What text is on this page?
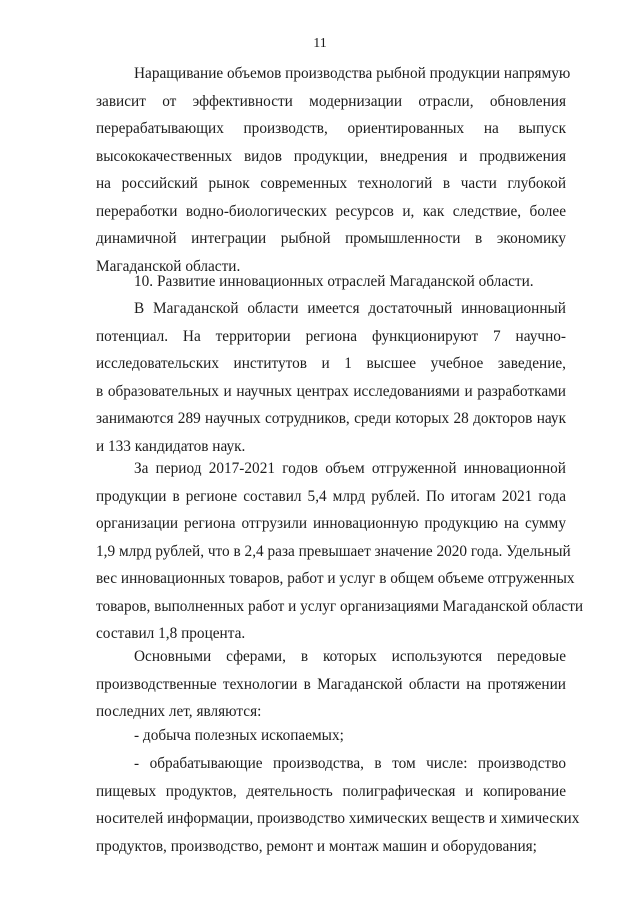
11
Наращивание объемов производства рыбной продукции напрямую
зависит от эффективности модернизации отрасли, обновления
перерабатывающих производств, ориентированных на выпуск
высококачественных видов продукции, внедрения и продвижения
на российский рынок современных технологий в части глубокой
переработки водно-биологических ресурсов и, как следствие, более
динамичной интеграции рыбной промышленности в экономику
Магаданской области.
10. Развитие инновационных отраслей Магаданской области.
В Магаданской области имеется достаточный инновационный
потенциал. На территории региона функционируют 7 научно-
исследовательских институтов и 1 высшее учебное заведение,
в образовательных и научных центрах исследованиями и разработками
занимаются 289 научных сотрудников, среди которых 28 докторов наук
и 133 кандидатов наук.
За период 2017-2021 годов объем отгруженной инновационной
продукции в регионе составил 5,4 млрд рублей. По итогам 2021 года
организации региона отгрузили инновационную продукцию на сумму
1,9 млрд рублей, что в 2,4 раза превышает значение 2020 года. Удельный
вес инновационных товаров, работ и услуг в общем объеме отгруженных
товаров, выполненных работ и услуг организациями Магаданской области
составил 1,8 процента.
Основными сферами, в которых используются передовые
производственные технологии в Магаданской области на протяжении
последних лет, являются:
- добыча полезных ископаемых;
- обрабатывающие производства, в том числе: производство
пищевых продуктов, деятельность полиграфическая и копирование
носителей информации, производство химических веществ и химических
продуктов, производство, ремонт и монтаж машин и оборудования;
